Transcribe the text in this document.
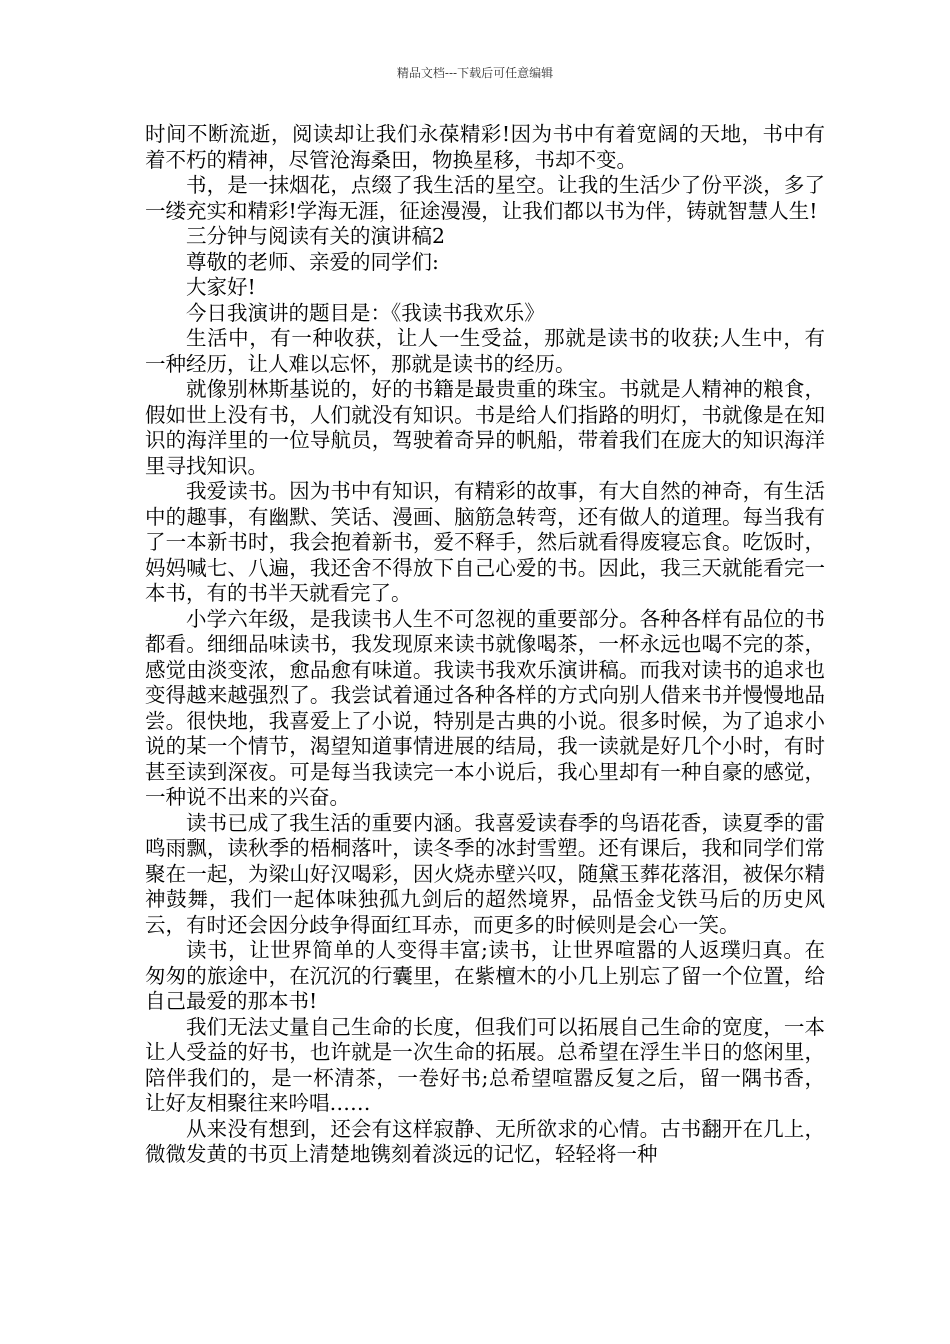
精品文档---下载后可任意编辑

时间不断流逝，阅读却让我们永葆精彩!因为书中有着宽阔的天地，书中有着不朽的精神，尽管沧海桑田，物换星移，书却不变。

书，是一抹烟花，点缀了我生活的星空。让我的生活少了份平淡，多了一缕充实和精彩!学海无涯，征途漫漫，让我们都以书为伴，铸就智慧人生!

三分钟与阅读有关的演讲稿2

尊敬的老师、亲爱的同学们:

大家好!

今日我演讲的题目是：《我读书我欢乐》

生活中，有一种收获，让人一生受益，那就是读书的收获;人生中，有一种经历，让人难以忘怀，那就是读书的经历。

就像别林斯基说的，好的书籍是最贵重的珠宝。书就是人精神的粮食，假如世上没有书，人们就没有知识。书是给人们指路的明灯，书就像是在知识的海洋里的一位导航员，驾驶着奇异的帆船，带着我们在庞大的知识海洋里寻找知识。

我爱读书。因为书中有知识，有精彩的故事，有大自然的神奇，有生活中的趣事，有幽默、笑话、漫画、脑筋急转弯，还有做人的道理。每当我有了一本新书时，我会抱着新书，爱不释手，然后就看得废寝忘食。吃饭时，妈妈喊七、八遍，我还舍不得放下自己心爱的书。因此，我三天就能看完一本书，有的书半天就看完了。

小学六年级，是我读书人生不可忽视的重要部分。各种各样有品位的书都看。细细品味读书，我发现原来读书就像喝茶，一杯永远也喝不完的茶，感觉由淡变浓，愈品愈有味道。我读书我欢乐演讲稿。而我对读书的追求也变得越来越强烈了。我尝试着通过各种各样的方式向别人借来书并慢慢地品尝。很快地，我喜爱上了小说，特别是古典的小说。很多时候，为了追求小说的某一个情节，渴望知道事情进展的结局，我一读就是好几个小时，有时甚至读到深夜。可是每当我读完一本小说后，我心里却有一种自豪的感觉，一种说不出来的兴奋。

读书已成了我生活的重要内涵。我喜爱读春季的鸟语花香，读夏季的雷鸣雨飘，读秋季的梧桐落叶，读冬季的冰封雪塑。还有课后，我和同学们常聚在一起，为梁山好汉喝彩，因火烧赤壁兴叹，随黛玉葬花落泪，被保尔精神鼓舞，我们一起体味独孤九剑后的超然境界，品悟金戈铁马后的历史风云，有时还会因分歧争得面红耳赤，而更多的时候则是会心一笑。

读书，让世界简单的人变得丰富;读书，让世界喧嚣的人返璞归真。在匆匆的旅途中，在沉沉的行囊里，在紫檀木的小几上别忘了留一个位置，给自己最爱的那本书!

我们无法丈量自己生命的长度，但我们可以拓展自己生命的宽度，一本让人受益的好书，也许就是一次生命的拓展。总希望在浮生半日的悠闲里，陪伴我们的，是一杯清茶，一卷好书;总希望喧嚣反复之后，留一隅书香，让好友相聚往来吟唱……

从来没有想到，还会有这样寂静、无所欲求的心情。古书翻开在几上，微微发黄的书页上清楚地镌刻着淡远的记忆，轻轻将一种
